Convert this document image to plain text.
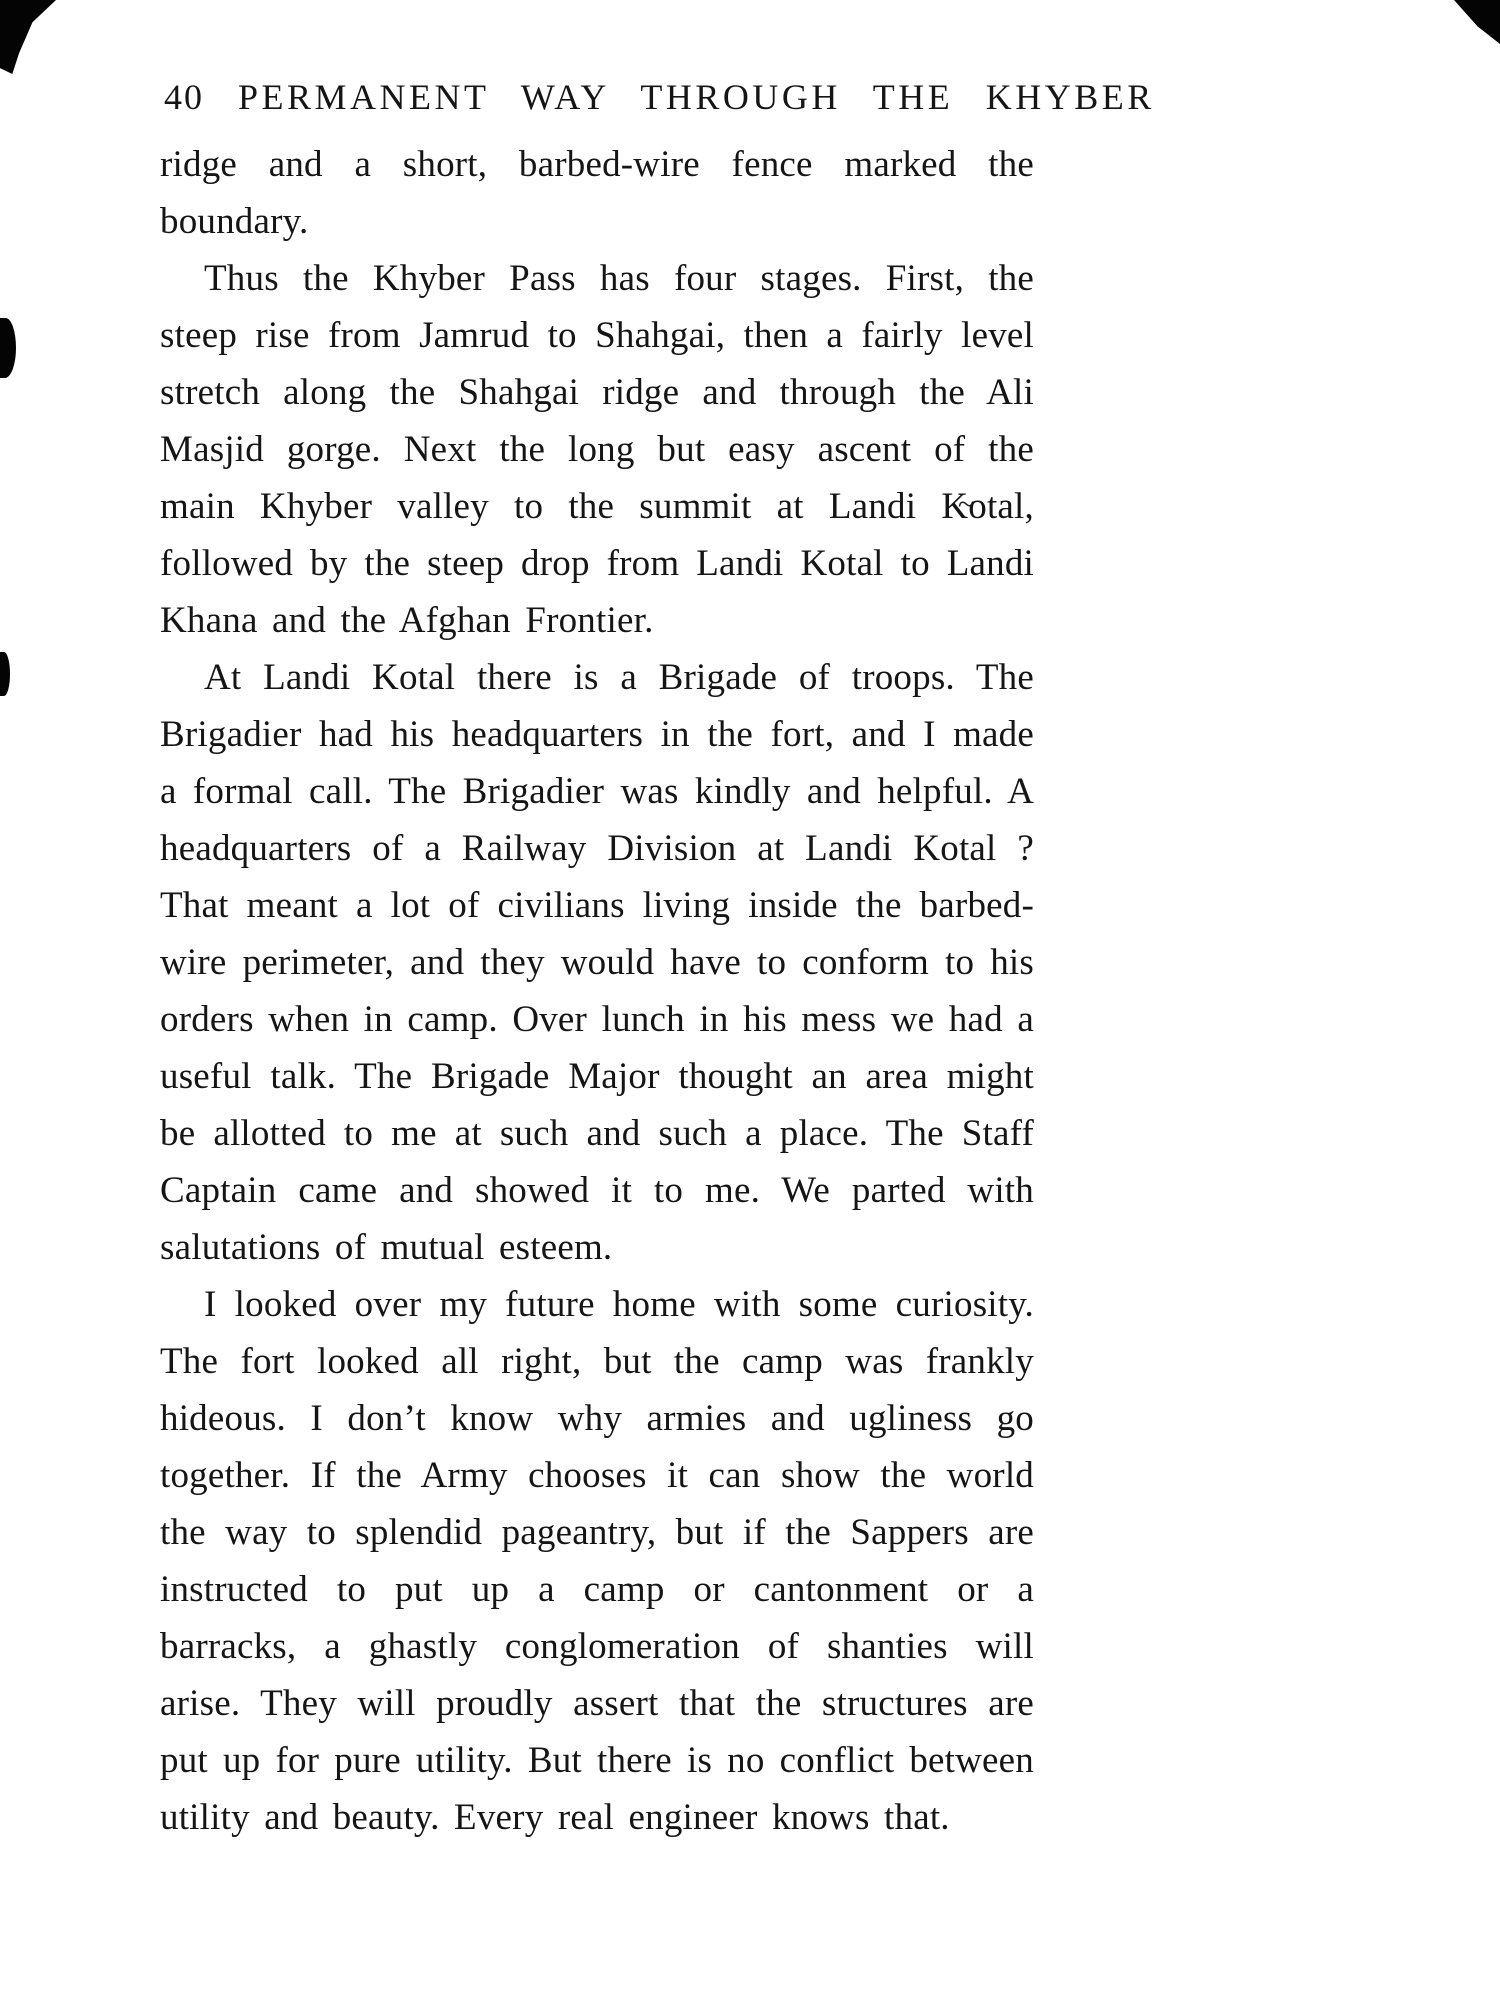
~
40 PERMANENT WAY THROUGH THE KHYBER

ridge and a short, barbed-wire fence marked the boundary.

Thus the Khyber Pass has four stages. First, the steep rise from Jamrud to Shahgai, then a fairly level stretch along the Shahgai ridge and through the Ali Masjid gorge. Next the long but easy ascent of the main Khyber valley to the summit at Landi Kotal, followed by the steep drop from Landi Kotal to Landi Khana and the Afghan Frontier.

At Landi Kotal there is a Brigade of troops. The Brigadier had his headquarters in the fort, and I made a formal call. The Brigadier was kindly and helpful. A headquarters of a Railway Division at Landi Kotal ? That meant a lot of civilians living inside the barbed-wire perimeter, and they would have to conform to his orders when in camp. Over lunch in his mess we had a useful talk. The Brigade Major thought an area might be allotted to me at such and such a place. The Staff Captain came and showed it to me. We parted with salutations of mutual esteem.

I looked over my future home with some curiosity. The fort looked all right, but the camp was frankly hideous. I don’t know why armies and ugliness go together. If the Army chooses it can show the world the way to splendid pageantry, but if the Sappers are instructed to put up a camp or cantonment or a barracks, a ghastly conglomeration of shanties will arise. They will proudly assert that the structures are put up for pure utility. But there is no conflict between utility and beauty. Every real engineer knows that.
